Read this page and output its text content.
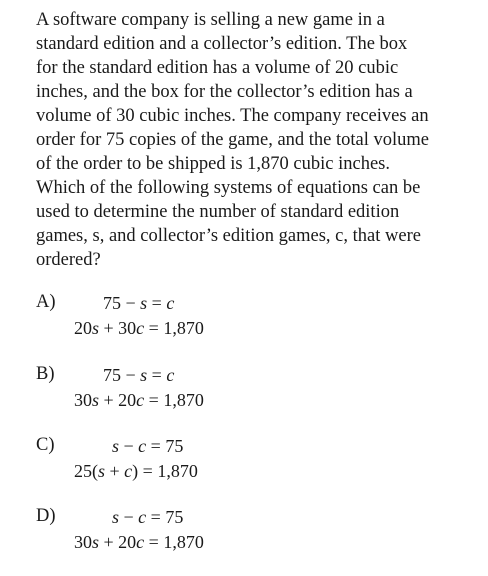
A software company is selling a new game in a
standard edition and a collector’s edition. The box
for the standard edition has a volume of 20 cubic
inches, and the box for the collector’s edition has a
volume of 30 cubic inches. The company receives an
order for 75 copies of the game, and the total volume
of the order to be shipped is 1,870 cubic inches.
Which of the following systems of equations can be
used to determine the number of standard edition
games, s, and collector’s edition games, c, that were
ordered?

A)	75 − s = c
20s + 30c = 1,870
B)	75 − s = c
30s + 20c = 1,870
C)	s − c = 75
25(s + c) = 1,870
D)	s − c = 75
30s + 20c = 1,870
